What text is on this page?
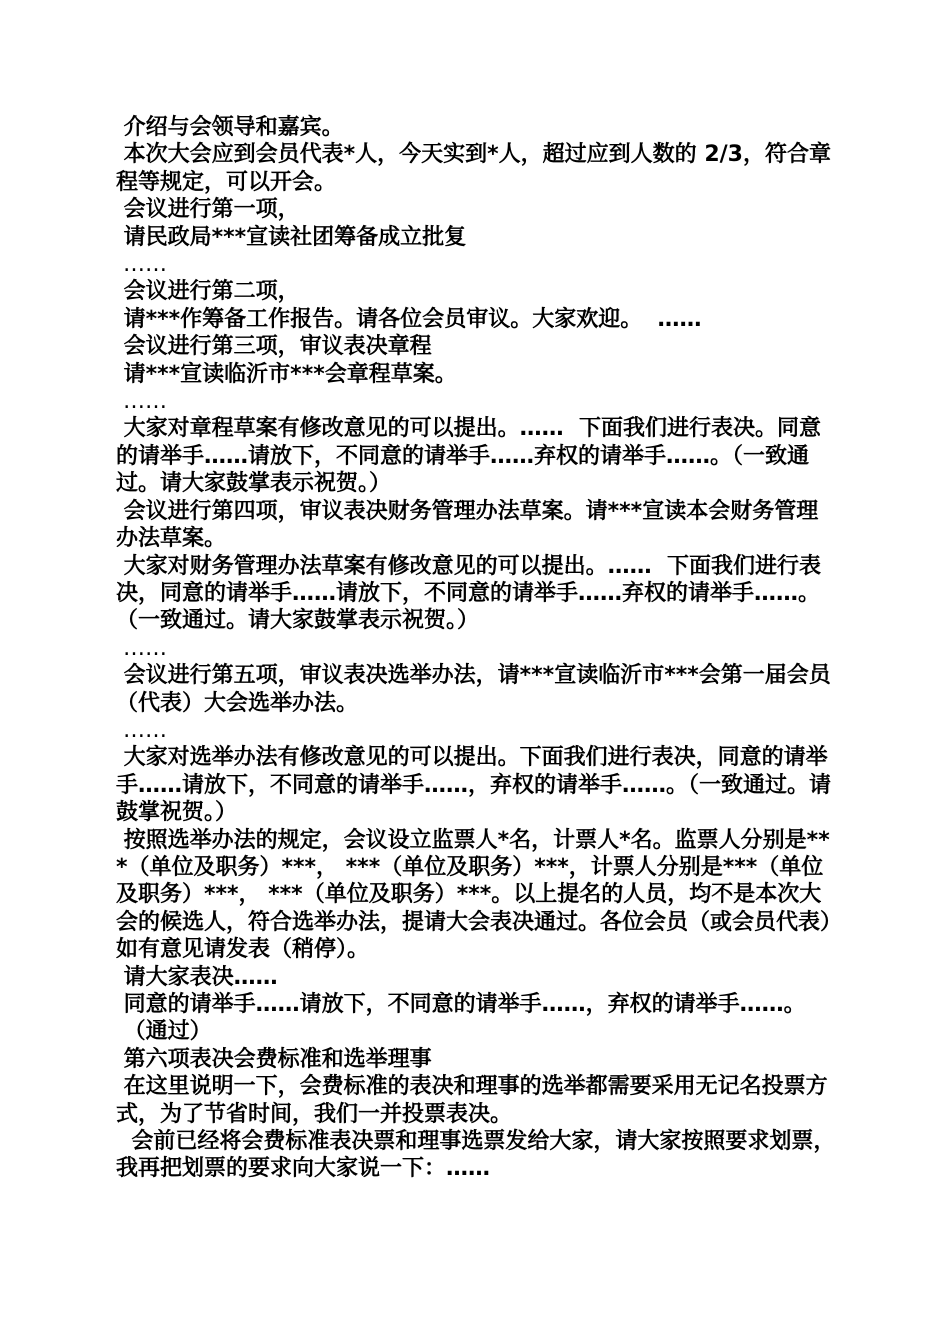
介绍与会领导和嘉宾。

本次大会应到会员代表*人，今天实到*人，超过应到人数的 2/3，符合章程等规定，可以开会。

会议进行第一项，

请民政局***宣读社团筹备成立批复

……

会议进行第二项，

请***作筹备工作报告。请各位会员审议。大家欢迎。  ……

会议进行第三项，审议表决章程

请***宣读临沂市***会章程草案。

……

大家对章程草案有修改意见的可以提出。……  下面我们进行表决。同意的请举手……请放下，不同意的请举手……弃权的请举手……。（一致通过。请大家鼓掌表示祝贺。）

会议进行第四项，审议表决财务管理办法草案。请***宣读本会财务管理办法草案。

大家对财务管理办法草案有修改意见的可以提出。……  下面我们进行表决，同意的请举手……请放下，不同意的请举手……弃权的请举手……。（一致通过。请大家鼓掌表示祝贺。）

……

会议进行第五项，审议表决选举办法，请***宣读临沂市***会第一届会员（代表）大会选举办法。

……

大家对选举办法有修改意见的可以提出。下面我们进行表决，同意的请举手……请放下，不同意的请举手……，弃权的请举手……。（一致通过。请鼓掌祝贺。）

按照选举办法的规定，会议设立监票人*名，计票人*名。监票人分别是***（单位及职务）***， ***（单位及职务）***，计票人分别是***（单位及职务）***， ***（单位及职务）***。以上提名的人员，均不是本次大会的候选人，符合选举办法，提请大会表决通过。各位会员（或会员代表）如有意见请发表（稍停）。

请大家表决……

同意的请举手……请放下，不同意的请举手……，弃权的请举手……。

（通过）

第六项表决会费标准和选举理事

在这里说明一下，会费标准的表决和理事的选举都需要采用无记名投票方式，为了节省时间，我们一并投票表决。

会前已经将会费标准表决票和理事选票发给大家，请大家按照要求划票，我再把划票的要求向大家说一下：……
